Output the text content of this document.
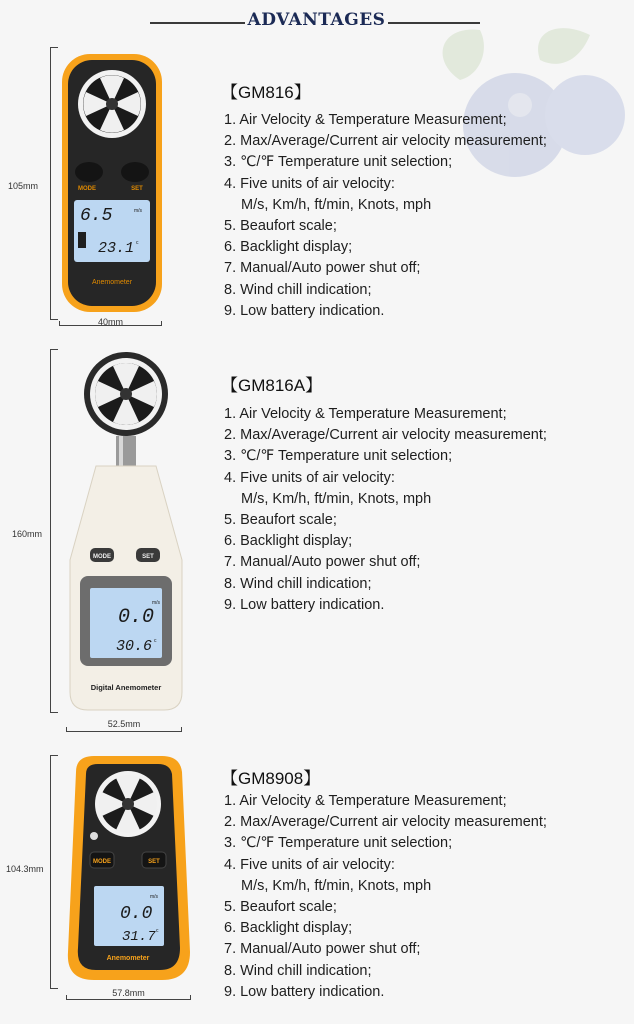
ADVANTAGES
105mm
40mm
6.5	m/s
23.1 c
MODE	SET
Anemometer
【GM816】
1. Air Velocity & Temperature Measurement;
2. Max/Average/Current air velocity measurement;
3. ℃/℉ Temperature unit selection;
4. Five units of air velocity:
M/s, Km/h, ft/min, Knots, mph
5. Beaufort scale;
6. Backlight display;
7. Manual/Auto power shut off;
8. Wind chill indication;
9. Low battery indication.
160mm
52.5mm
MODE	SET
0.0
m/s
30.6 c
Digital Anemometer
【GM816A】
1. Air Velocity & Temperature Measurement;
2. Max/Average/Current air velocity measurement;
3. ℃/℉ Temperature unit selection;
4. Five units of air velocity:
M/s, Km/h, ft/min, Knots, mph
5. Beaufort scale;
6. Backlight display;
7. Manual/Auto power shut off;
8. Wind chill indication;
9. Low battery indication.
104.3mm
57.8mm
MODE	SET
0.0
m/s
31.7 c
Anemometer
【GM8908】
1. Air Velocity & Temperature Measurement;
2. Max/Average/Current air velocity measurement;
3. ℃/℉ Temperature unit selection;
4. Five units of air velocity:
M/s, Km/h, ft/min, Knots, mph
5. Beaufort scale;
6. Backlight display;
7. Manual/Auto power shut off;
8. Wind chill indication;
9. Low battery indication.
